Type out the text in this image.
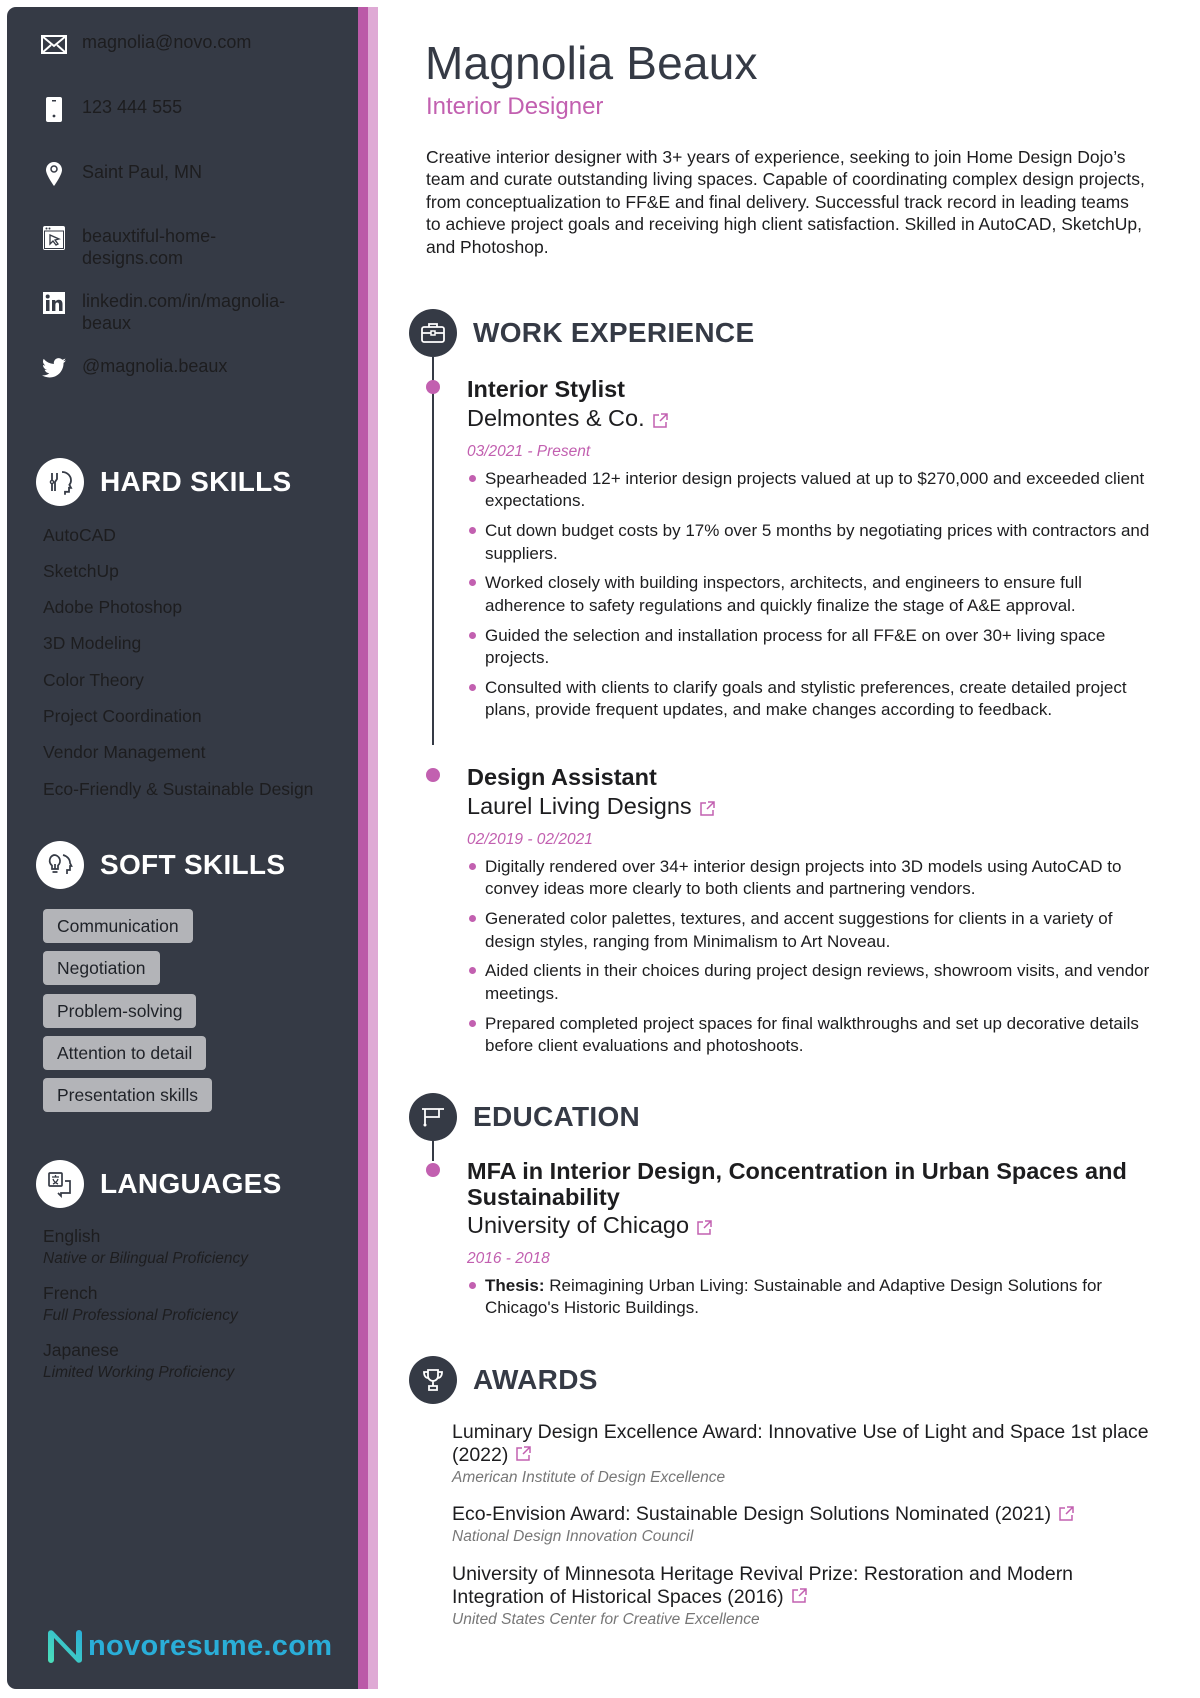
magnolia@novo.com
123 444 555
Saint Paul, MN
beauxtiful-home-designs.com
linkedin.com/in/magnolia-beaux
@magnolia.beaux
HARD SKILLS
AutoCAD
SketchUp
Adobe Photoshop
3D Modeling
Color Theory
Project Coordination
Vendor Management
Eco-Friendly & Sustainable Design
SOFT SKILLS
Communication
Negotiation
Problem-solving
Attention to detail
Presentation skills
LANGUAGES
English
Native or Bilingual Proficiency
French
Full Professional Proficiency
Japanese
Limited Working Proficiency
novoresume.com
Magnolia Beaux
Interior Designer
Creative interior designer with 3+ years of experience, seeking to join Home Design Dojo’s team and curate outstanding living spaces. Capable of coordinating complex design projects, from conceptualization to FF&E and final delivery. Successful track record in leading teams to achieve project goals and receiving high client satisfaction. Skilled in AutoCAD, SketchUp, and Photoshop.
WORK EXPERIENCE
Interior Stylist
Delmontes & Co.
03/2021 - Present
Spearheaded 12+ interior design projects valued at up to $270,000 and exceeded client expectations.
Cut down budget costs by 17% over 5 months by negotiating prices with contractors and suppliers.
Worked closely with building inspectors, architects, and engineers to ensure full adherence to safety regulations and quickly finalize the stage of A&E approval.
Guided the selection and installation process for all FF&E on over 30+ living space projects.
Consulted with clients to clarify goals and stylistic preferences, create detailed project plans, provide frequent updates, and make changes according to feedback.
Design Assistant
Laurel Living Designs
02/2019 - 02/2021
Digitally rendered over 34+ interior design projects into 3D models using AutoCAD to convey ideas more clearly to both clients and partnering vendors.
Generated color palettes, textures, and accent suggestions for clients in a variety of design styles, ranging from Minimalism to Art Noveau.
Aided clients in their choices during project design reviews, showroom visits, and vendor meetings.
Prepared completed project spaces for final walkthroughs and set up decorative details before client evaluations and photoshoots.
EDUCATION
MFA in Interior Design, Concentration in Urban Spaces and Sustainability
University of Chicago
2016 - 2018
Thesis: Reimagining Urban Living: Sustainable and Adaptive Design Solutions for Chicago's Historic Buildings.
AWARDS
Luminary Design Excellence Award: Innovative Use of Light and Space 1st place (2022)
American Institute of Design Excellence
Eco-Envision Award: Sustainable Design Solutions Nominated (2021)
National Design Innovation Council
University of Minnesota Heritage Revival Prize: Restoration and Modern Integration of Historical Spaces (2016)
United States Center for Creative Excellence
